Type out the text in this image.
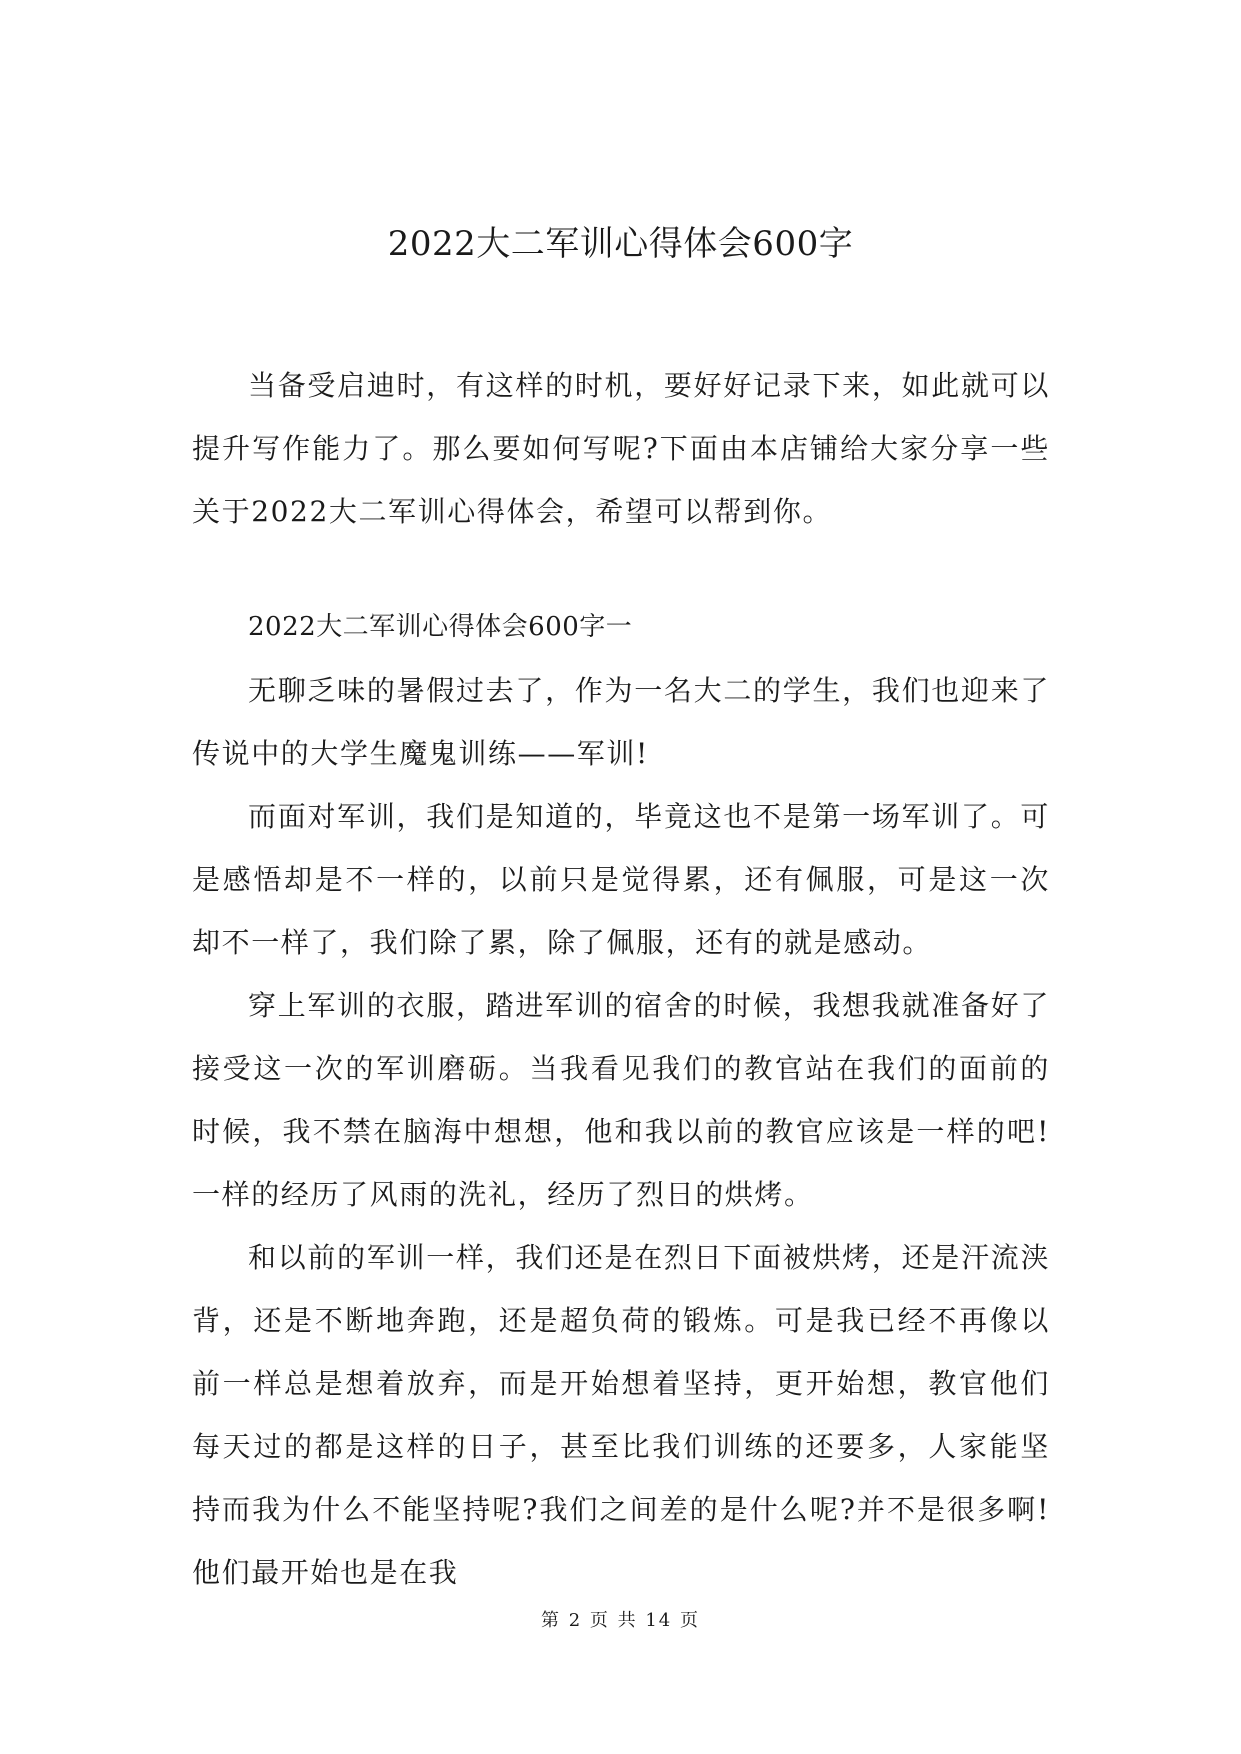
2022大二军训心得体会600字

当备受启迪时，有这样的时机，要好好记录下来，如此就可以提升写作能力了。那么要如何写呢?下面由本店铺给大家分享一些关于2022大二军训心得体会，希望可以帮到你。

2022大二军训心得体会600字一

无聊乏味的暑假过去了，作为一名大二的学生，我们也迎来了传说中的大学生魔鬼训练——军训!

而面对军训，我们是知道的，毕竟这也不是第一场军训了。可是感悟却是不一样的，以前只是觉得累，还有佩服，可是这一次却不一样了，我们除了累，除了佩服，还有的就是感动。

穿上军训的衣服，踏进军训的宿舍的时候，我想我就准备好了接受这一次的军训磨砺。当我看见我们的教官站在我们的面前的时候，我不禁在脑海中想想，他和我以前的教官应该是一样的吧!一样的经历了风雨的洗礼，经历了烈日的烘烤。

和以前的军训一样，我们还是在烈日下面被烘烤，还是汗流浃背，还是不断地奔跑，还是超负荷的锻炼。可是我已经不再像以前一样总是想着放弃，而是开始想着坚持，更开始想，教官他们每天过的都是这样的日子，甚至比我们训练的还要多，人家能坚持而我为什么不能坚持呢?我们之间差的是什么呢?并不是很多啊!他们最开始也是在我

第 2 页 共 14 页
